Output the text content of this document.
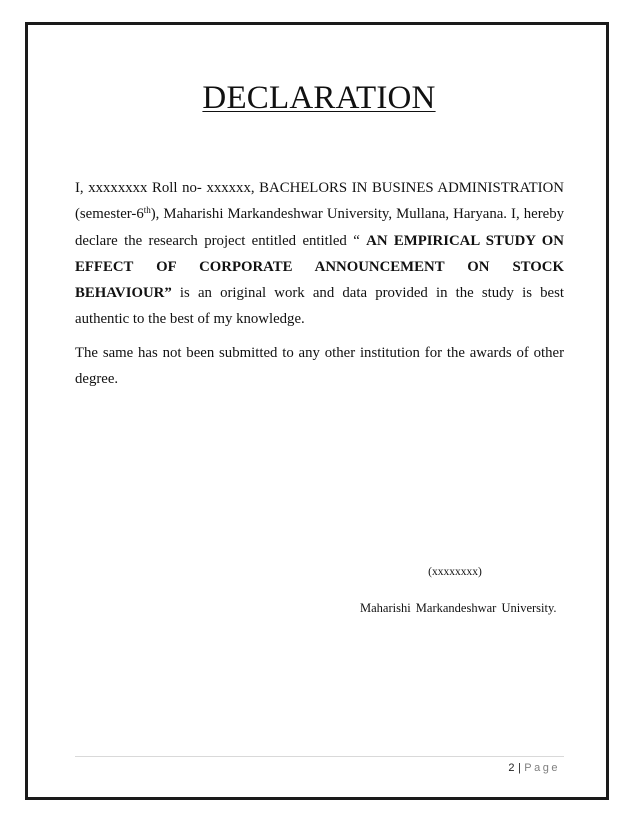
DECLARATION
I, xxxxxxxx Roll no- xxxxxx, BACHELORS IN BUSINES ADMINISTRATION (semester-6th), Maharishi Markandeshwar University, Mullana, Haryana. I, hereby declare the research project entitled entitled “ AN EMPIRICAL STUDY ON EFFECT OF CORPORATE ANNOUNCEMENT ON STOCK BEHAVIOUR” is an original work and data provided in the study is best authentic to the best of my knowledge.
The same has not been submitted to any other institution for the awards of other degree.
(xxxxxxxx)
Maharishi Markandeshwar University.
2 | Page
